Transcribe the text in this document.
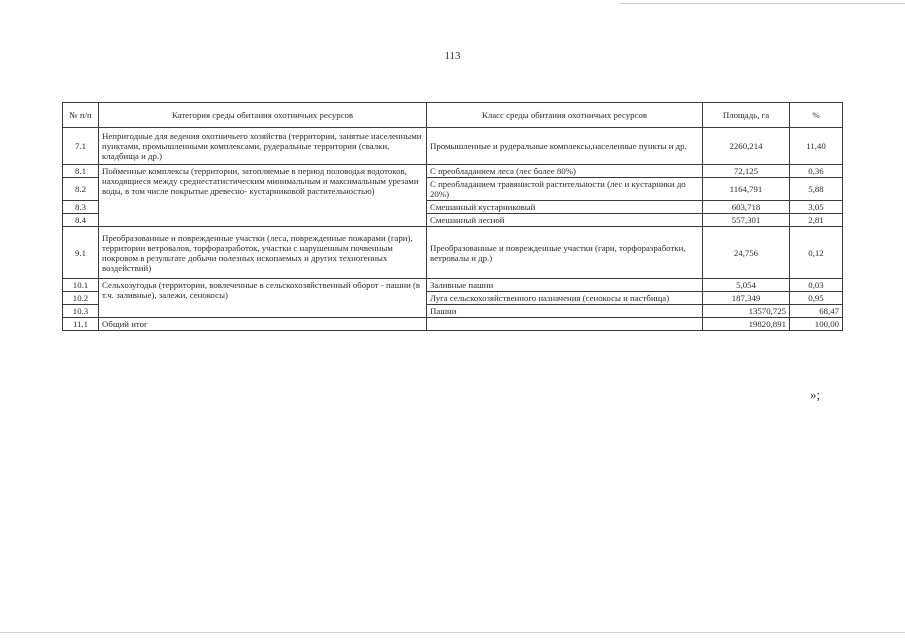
113
№ п/п	Категория среды обитания охотничьих ресурсов	Класс среды обитания охотничьих ресурсов	Площадь, га	%
7.1	Непригодные для ведения охотничьего хозяйства (территории, занятые населенными пунктами, промышленными комплексами, рудеральные территории (свалки, кладбища и др.)	Промышленные и рудеральные комплексы,населенные пункты и др.	2260,214	11,40
8.1	Пойменные комплексы (территории, затопляемые в период половодья водотоков, находящиеся между среднестатистическим минимальным и максимальным урезами воды, в том числе покрытые древесно- кустарниковой растительностью)	С преобладанием леса (лес более 80%)	72,125	0,36
8.2		С преобладанием травянистой растительности (лес и кустарники до 20%)	1164,791	5,88
8.3		Смешанный кустарниковый	603,718	3,05
8.4		Смешанный лесной	557,301	2,81
9.1	Преобразованные и поврежденные участки (леса, поврежденные пожарами (гари), территории ветровалов, торфоразработок, участки с нарушенным почвенным покровом в результате добычи полезных ископаемых и других техногенных воздействий)	Преобразованные и поврежденные участки (гари, торфоразработки, ветровалы и др.)	24,756	0,12
10.1	Сельхозугодья (территории, вовлеченные в сельскохозяйственный оборот - пашни (в т.ч. заливные), залежи, сенокосы)	Заливные пашни	5,054	0,03
10.2		Луга сельскохозяйственного назначения (сенокосы и пастбища)	187,349	0,95
10.3		Пашни	13570,725	68,47
11.1	Общий итог		19820,891	100,00
»;
